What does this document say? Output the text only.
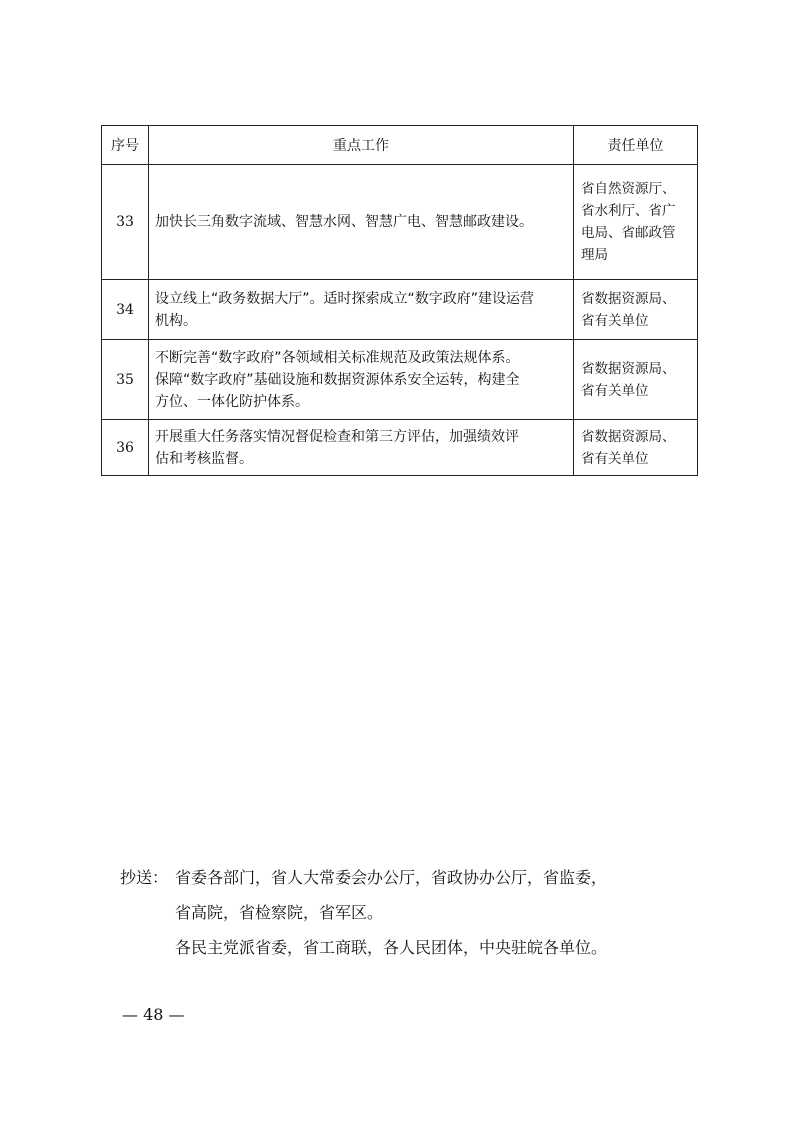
序号	重点工作	责任单位
33	加快长三角数字流域、智慧水网、智慧广电、智慧邮政建设。	省自然资源厅、
省水利厅、省广
电局、省邮政管
理局

34	设立线上“政务数据大厅”。适时探索成立“数字政府”建设运营
机构。	省数据资源局、
省有关单位

35	不断完善“数字政府”各领域相关标准规范及政策法规体系。
保障“数字政府”基础设施和数据资源体系安全运转，构建全
方位、一体化防护体系。	省数据资源局、
省有关单位

36	开展重大任务落实情况督促检查和第三方评估，加强绩效评
估和考核监督。	省数据资源局、
省有关单位
抄送： 省委各部门，省人大常委会办公厅，省政协办公厅，省监委，
省高院，省检察院，省军区。
各民主党派省委，省工商联，各人民团体，中央驻皖各单位。
— 48 —
